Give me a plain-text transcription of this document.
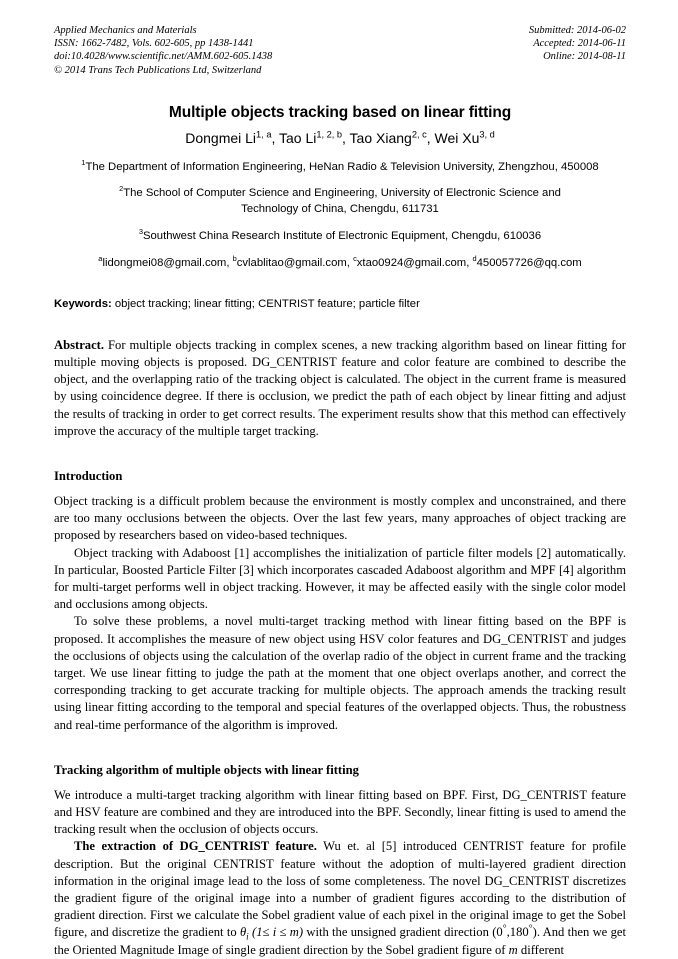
Applied Mechanics and Materials
ISSN: 1662-7482, Vols. 602-605, pp 1438-1441
doi:10.4028/www.scientific.net/AMM.602-605.1438
© 2014 Trans Tech Publications Ltd, Switzerland
Submitted: 2014-06-02
Accepted: 2014-06-11
Online: 2014-08-11
Multiple objects tracking based on linear fitting
Dongmei Li$^{1, a}$, Tao Li$^{1, 2, b}$, Tao Xiang$^{2, c}$, Wei Xu$^{3, d}$
$^1$The Department of Information Engineering, HeNan Radio & Television University, Zhengzhou, 450008
$^2$The School of Computer Science and Engineering, University of Electronic Science and Technology of China, Chengdu, 611731
$^3$Southwest China Research Institute of Electronic Equipment, Chengdu, 610036
$^a$lidongmei08@gmail.com, $^b$cvlablitao@gmail.com, $^c$xtao0924@gmail.com, $^d$450057726@qq.com
Keywords: object tracking; linear fitting; CENTRIST feature; particle filter
Abstract. For multiple objects tracking in complex scenes, a new tracking algorithm based on linear fitting for multiple moving objects is proposed. DG_CENTRIST feature and color feature are combined to describe the object, and the overlapping ratio of the tracking object is calculated. The object in the current frame is measured by using coincidence degree. If there is occlusion, we predict the path of each object by linear fitting and adjust the results of tracking in order to get correct results. The experiment results show that this method can effectively improve the accuracy of the multiple target tracking.
Introduction

Object tracking is a difficult problem because the environment is mostly complex and unconstrained, and there are too many occlusions between the objects. Over the last few years, many approaches of object tracking are proposed by researchers based on video-based techniques.

Object tracking with Adaboost [1] accomplishes the initialization of particle filter models [2] automatically. In particular, Boosted Particle Filter [3] which incorporates cascaded Adaboost algorithm and MPF [4] algorithm for multi-target performs well in object tracking. However, it may be affected easily with the single color model and occlusions among objects.

To solve these problems, a novel multi-target tracking method with linear fitting based on the BPF is proposed. It accomplishes the measure of new object using HSV color features and DG_CENTRIST and judges the occlusions of objects using the calculation of the overlap radio of the object in current frame and the tracking target. We use linear fitting to judge the path at the moment that one object overlaps another, and correct the corresponding tracking to get accurate tracking for multiple objects. The approach amends the tracking result using linear fitting according to the temporal and special features of the overlapped objects. Thus, the robustness and real-time performance of the algorithm is improved.

Tracking algorithm of multiple objects with linear fitting

We introduce a multi-target tracking algorithm with linear fitting based on BPF. First, DG_CENTRIST feature and HSV feature are combined and they are introduced into the BPF. Secondly, linear fitting is used to amend the tracking result when the occlusion of objects occurs.

The extraction of DG_CENTRIST feature. Wu et. al [5] introduced CENTRIST feature for profile description. But the original CENTRIST feature without the adoption of multi-layered gradient direction information in the original image lead to the loss of some completeness. The novel DG_CENTRIST discretizes the gradient figure of the original image into a number of gradient figures according to the distribution of gradient direction. First we calculate the Sobel gradient value of each pixel in the original image to get the Sobel figure, and discretize the gradient to $\theta_i$ (1≤ i ≤ m) with the unsigned gradient direction (0°,180°). And then we get the Oriented Magnitude Image of single gradient direction by the Sobel gradient figure of m different
